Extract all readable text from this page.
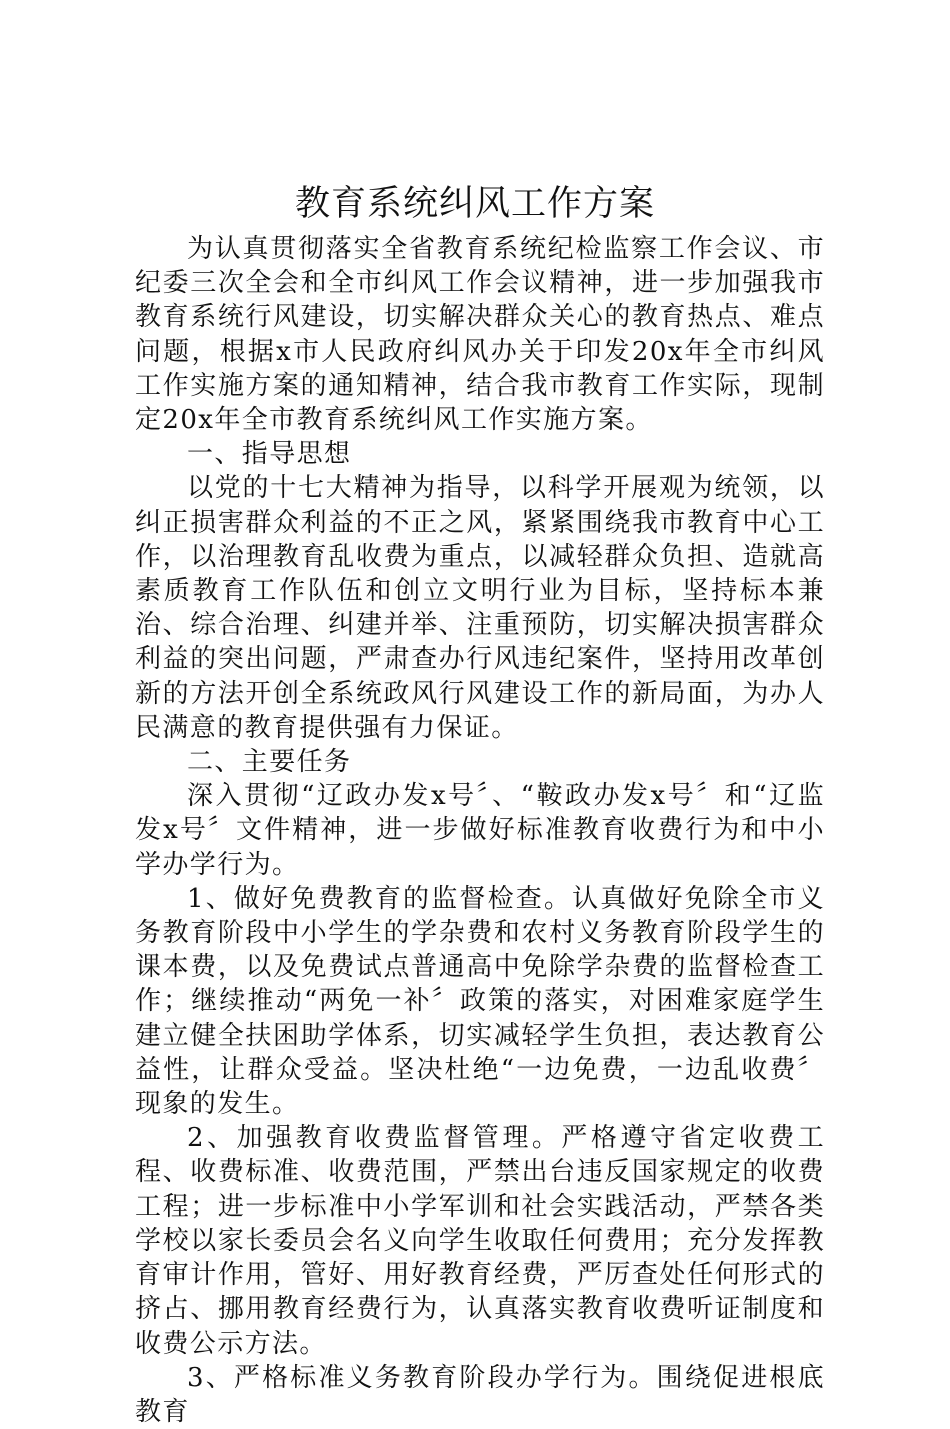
教育系统纠风工作方案

为认真贯彻落实全省教育系统纪检监察工作会议、市纪委三次全会和全市纠风工作会议精神，进一步加强我市教育系统行风建设，切实解决群众关心的教育热点、难点问题，根据x市人民政府纠风办关于印发20x年全市纠风工作实施方案的通知精神，结合我市教育工作实际，现制定20x年全市教育系统纠风工作实施方案。

一、指导思想

以党的十七大精神为指导，以科学开展观为统领，以纠正损害群众利益的不正之风，紧紧围绕我市教育中心工作，以治理教育乱收费为重点，以减轻群众负担、造就高素质教育工作队伍和创立文明行业为目标，坚持标本兼治、综合治理、纠建并举、注重预防，切实解决损害群众利益的突出问题，严肃查办行风违纪案件，坚持用改革创新的方法开创全系统政风行风建设工作的新局面，为办人民满意的教育提供强有力保证。

二、主要任务

深入贯彻“辽政办发x号〞、“鞍政办发x号〞和“辽监发x号〞文件精神，进一步做好标准教育收费行为和中小学办学行为。

1、做好免费教育的监督检查。认真做好免除全市义务教育阶段中小学生的学杂费和农村义务教育阶段学生的课本费，以及免费试点普通高中免除学杂费的监督检查工作；继续推动“两免一补〞政策的落实，对困难家庭学生建立健全扶困助学体系，切实减轻学生负担，表达教育公益性，让群众受益。坚决杜绝“一边免费，一边乱收费〞现象的发生。

2、加强教育收费监督管理。严格遵守省定收费工程、收费标准、收费范围，严禁出台违反国家规定的收费工程；进一步标准中小学军训和社会实践活动，严禁各类学校以家长委员会名义向学生收取任何费用；充分发挥教育审计作用，管好、用好教育经费，严厉查处任何形式的挤占、挪用教育经费行为，认真落实教育收费听证制度和收费公示方法。

3、严格标准义务教育阶段办学行为。围绕促进根底教育
